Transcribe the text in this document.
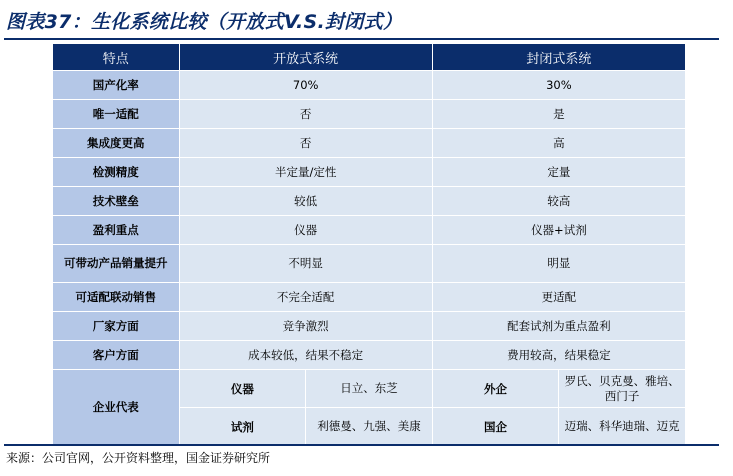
图表37：生化系统比较（开放式V.S.封闭式）
特点	开放式系统		封闭式系统	
国产化率	70%		30%	
唯一适配	否		是	
集成度更高	否		高	
检测精度	半定量/定性		定量	
技术壁垒	较低		较高	
盈利重点	仪器		仪器+试剂	
可带动产品销量提升	不明显		明显	
可适配联动销售	不完全适配		更适配	
厂家方面	竞争激烈		配套试剂为重点盈利	
客户方面	成本较低，结果不稳定		费用较高，结果稳定	
企业代表	仪器	日立、东芝	外企	罗氏、贝克曼、雅培、西门子
	试剂	利德曼、九强、美康	国企	迈瑞、科华迪瑞、迈克
来源：公司官网，公开资料整理，国金证券研究所
